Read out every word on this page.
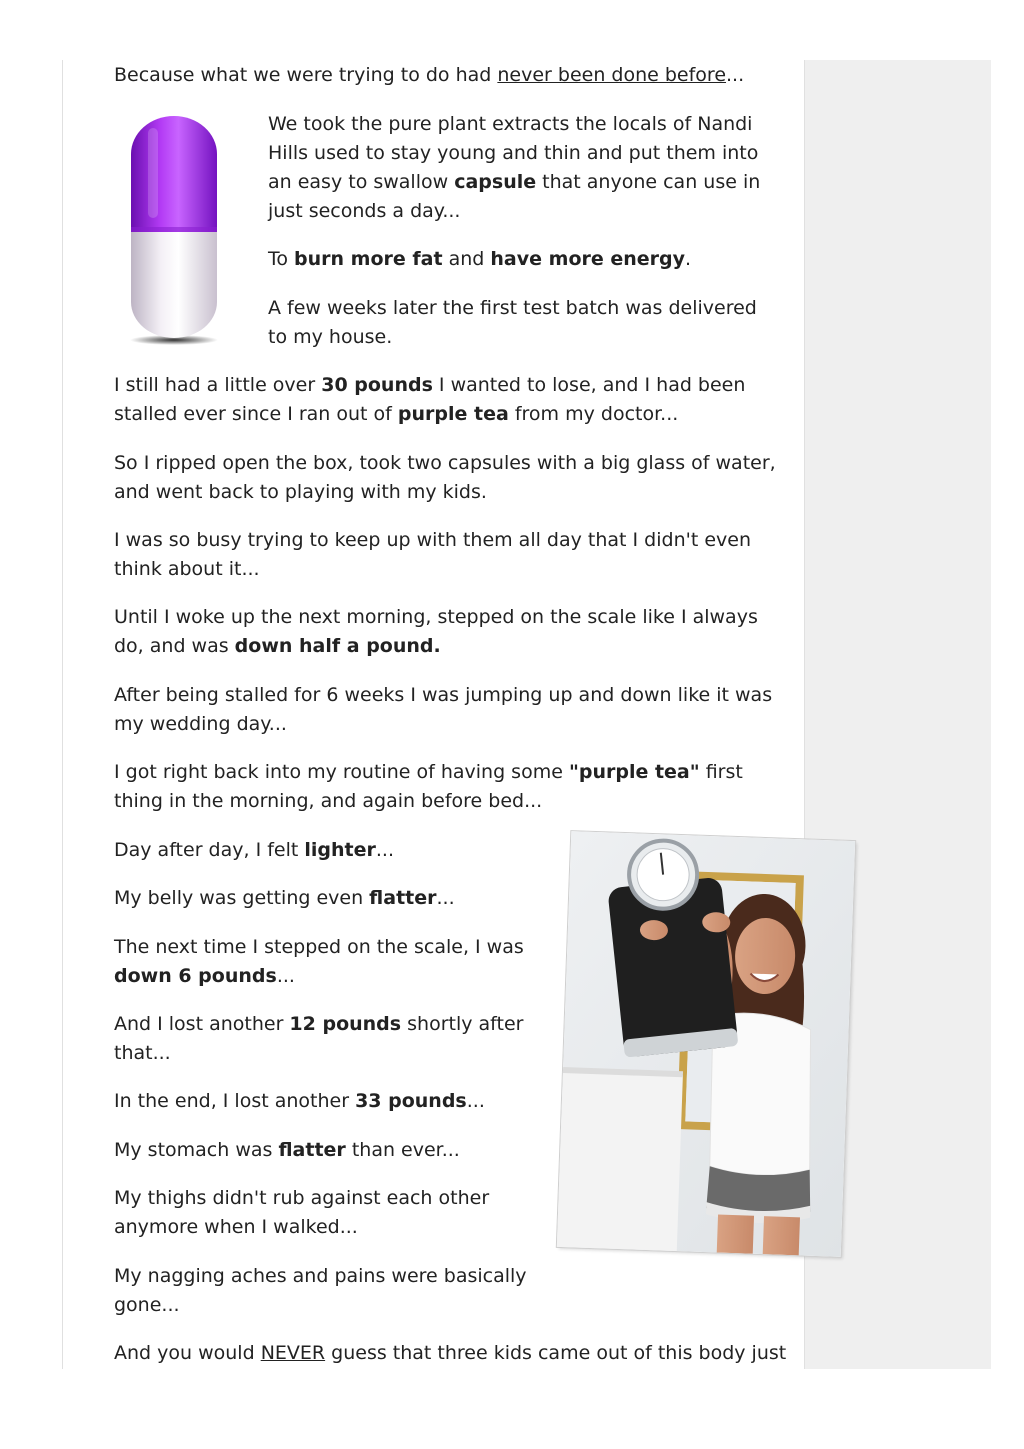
Because what we were trying to do had never been done before...

We took the pure plant extracts the locals of Nandi
Hills used to stay young and thin and put them into
an easy to swallow capsule that anyone can use in
just seconds a day...

To burn more fat and have more energy.

A few weeks later the first test batch was delivered
to my house.

I still had a little over 30 pounds I wanted to lose, and I had been
stalled ever since I ran out of purple tea from my doctor...

So I ripped open the box, took two capsules with a big glass of water,
and went back to playing with my kids.

I was so busy trying to keep up with them all day that I didn't even
think about it...

Until I woke up the next morning, stepped on the scale like I always
do, and was down half a pound.

After being stalled for 6 weeks I was jumping up and down like it was
my wedding day...

I got right back into my routine of having some "purple tea" first
thing in the morning, and again before bed...

Day after day, I felt lighter...

My belly was getting even flatter...

The next time I stepped on the scale, I was
down 6 pounds...

And I lost another 12 pounds shortly after
that...

In the end, I lost another 33 pounds...

My stomach was flatter than ever...

My thighs didn't rub against each other
anymore when I walked...

My nagging aches and pains were basically
gone...

And you would NEVER guess that three kids came out of this body just
